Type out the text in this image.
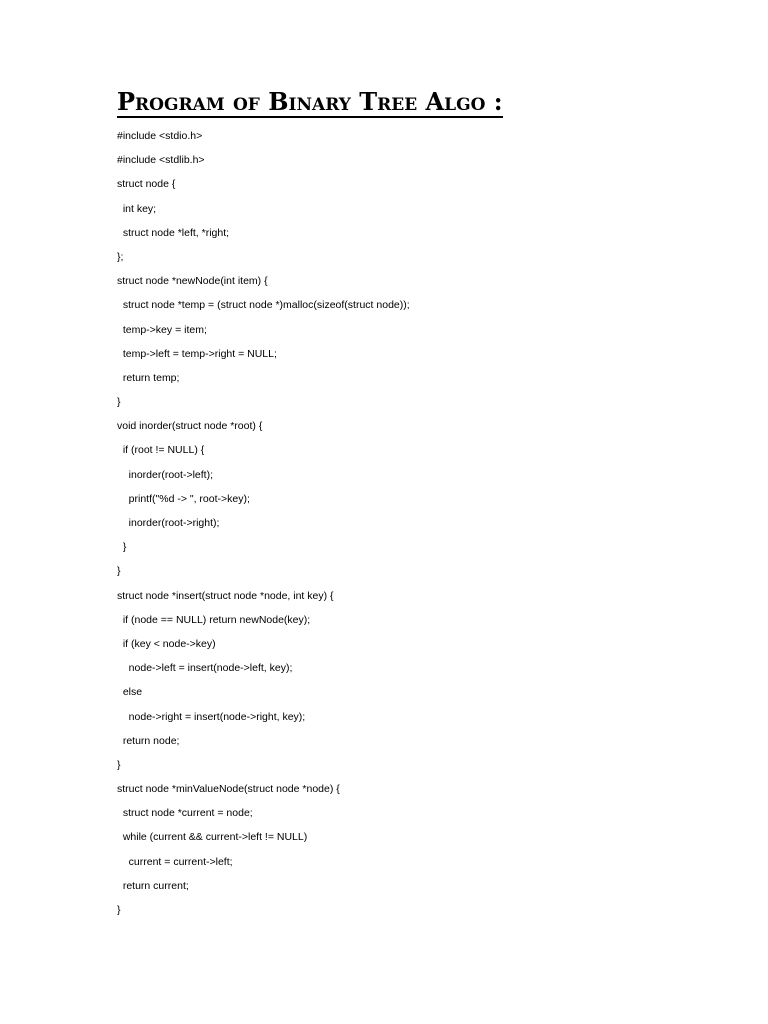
Program of Binary Tree Algo :
#include <stdio.h>
#include <stdlib.h>
struct node {
int key;
struct node *left, *right;
};
struct node *newNode(int item) {
struct node *temp = (struct node *)malloc(sizeof(struct node));
temp->key = item;
temp->left = temp->right = NULL;
return temp;
}
void inorder(struct node *root) {
if (root != NULL) {
inorder(root->left);
printf("%d -> ", root->key);
inorder(root->right);
}
}
struct node *insert(struct node *node, int key) {
if (node == NULL) return newNode(key);
if (key < node->key)
node->left = insert(node->left, key);
else
node->right = insert(node->right, key);
return node;
}
struct node *minValueNode(struct node *node) {
struct node *current = node;
while (current && current->left != NULL)
current = current->left;
return current;
}
